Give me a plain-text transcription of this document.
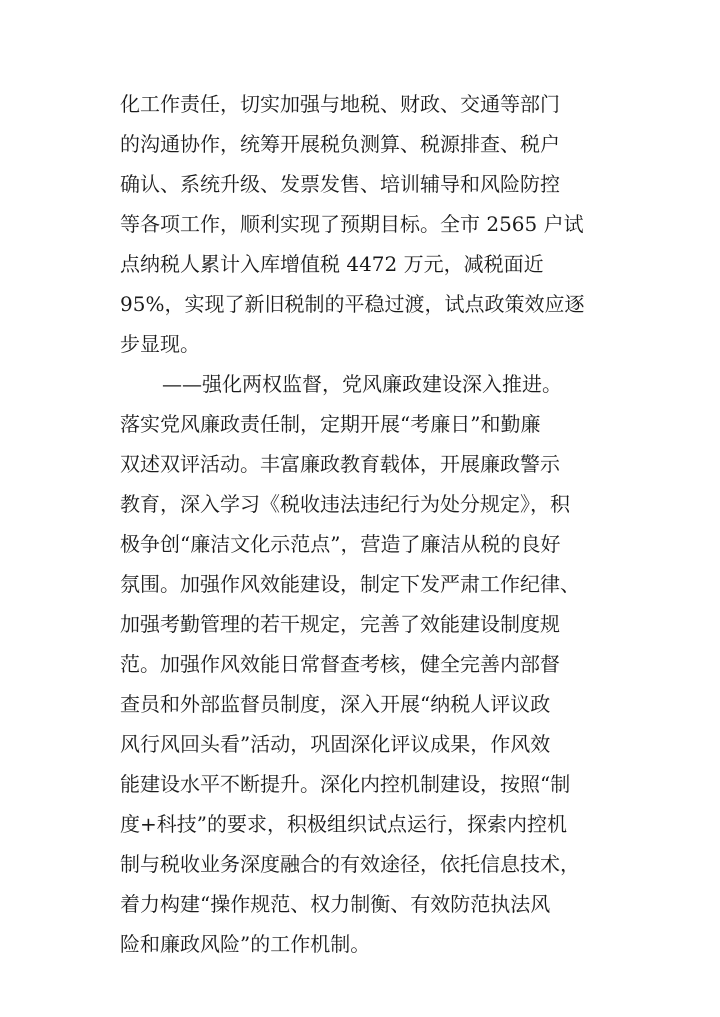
化工作责任，切实加强与地税、财政、交通等部门
的沟通协作，统筹开展税负测算、税源排查、税户
确认、系统升级、发票发售、培训辅导和风险防控
等各项工作，顺利实现了预期目标。全市 2565 户试
点纳税人累计入库增值税 4472 万元，减税面近
95%，实现了新旧税制的平稳过渡，试点政策效应逐
步显现。
——强化两权监督，党风廉政建设深入推进。
落实党风廉政责任制，定期开展“考廉日”和勤廉
双述双评活动。丰富廉政教育载体，开展廉政警示
教育，深入学习《税收违法违纪行为处分规定》，积
极争创“廉洁文化示范点”，营造了廉洁从税的良好
氛围。加强作风效能建设，制定下发严肃工作纪律、
加强考勤管理的若干规定，完善了效能建设制度规
范。加强作风效能日常督查考核，健全完善内部督
查员和外部监督员制度，深入开展“纳税人评议政
风行风回头看”活动，巩固深化评议成果，作风效
能建设水平不断提升。深化内控机制建设，按照“制
度+科技”的要求，积极组织试点运行，探索内控机
制与税收业务深度融合的有效途径，依托信息技术，
着力构建“操作规范、权力制衡、有效防范执法风
险和廉政风险”的工作机制。
